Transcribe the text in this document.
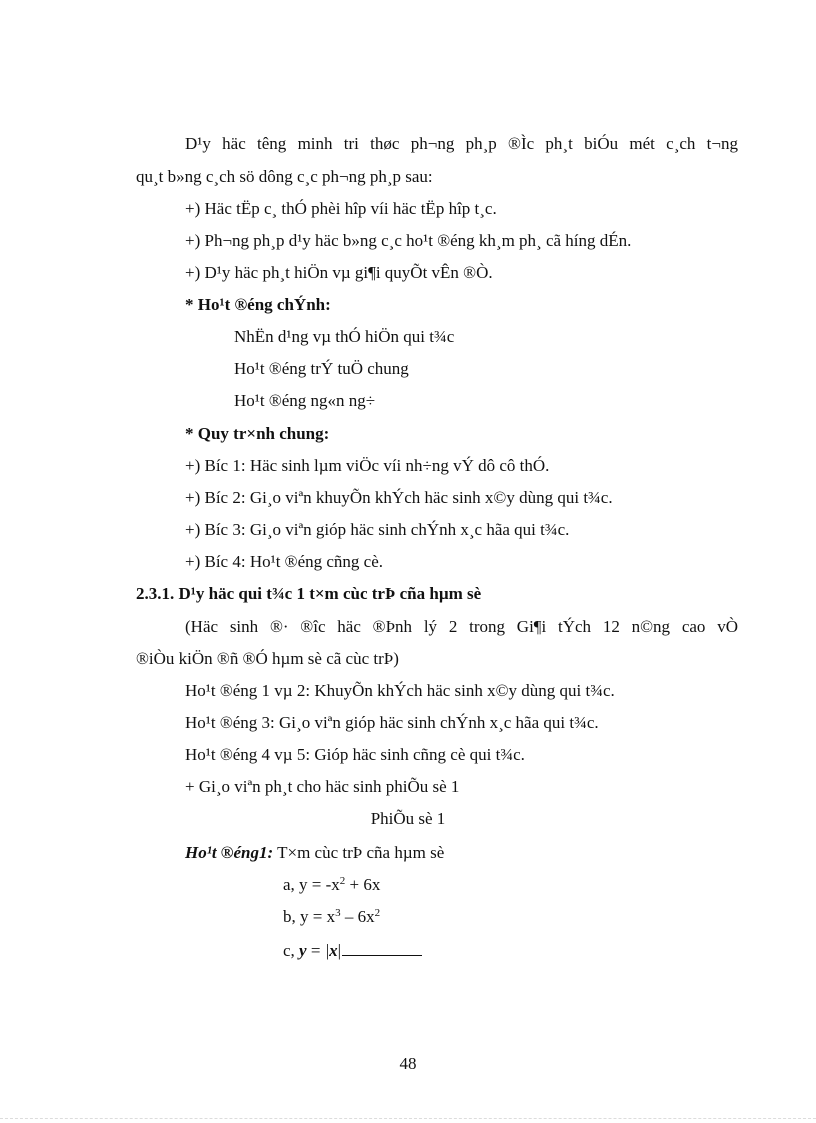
D¹y häc têng minh tri thøc ph¬ng ph¸p ®Ìc ph¸t biÓu mét c¸ch t¬ng
qu¸t b»ng c¸ch sö dông c¸c ph¬ng ph¸p sau:
+) Häc tËp c¸ thÓ phèi hîp víi häc tËp hîp t¸c.
+) Ph¬ng ph¸p d¹y häc b»ng c¸c ho¹t ®éng kh¸m ph¸ cã híng dÉn.
+) D¹y häc ph¸t hiÖn vµ gi¶i quyÕt vÊn ®Ò.
* Ho¹t ®éng chÝnh:
NhËn d¹ng vµ thÓ hiÖn qui t¾c
Ho¹t ®éng trÝ tuÖ chung
Ho¹t ®éng ng«n ng÷
* Quy tr×nh chung:
+) Bíc 1: Häc sinh lµm viÖc víi nh÷ng vÝ dô cô thÓ.
+) Bíc 2: Gi¸o viªn khuyÕn khÝch häc sinh x©y dùng qui t¾c.
+) Bíc 3: Gi¸o viªn gióp häc sinh chÝnh x¸c hãa qui t¾c.
+) Bíc 4: Ho¹t ®éng cñng cè.
2.3.1. D¹y häc qui t¾c 1 t×m cùc trÞ cña hµm sè
(Häc sinh ®· ®îc häc ®Þnh lý 2 trong Gi¶i tÝch 12 n©ng cao vÒ
®iÒu kiÖn ®ñ ®Ó hµm sè cã cùc trÞ)
Ho¹t ®éng 1 vµ 2: KhuyÕn khÝch häc sinh x©y dùng qui t¾c.
Ho¹t ®éng 3: Gi¸o viªn gióp häc sinh chÝnh x¸c hãa qui t¾c.
Ho¹t ®éng 4 vµ 5: Gióp häc sinh cñng cè qui t¾c.
+ Gi¸o viªn ph¸t cho häc sinh phiÕu sè 1
PhiÕu sè 1
Ho¹t ®éng1: T×m cùc trÞ cña hµm sè
a, $y = -x^2 + 6x$
b, $y = x^3 - 6x^2$
c, y = |x|
48
